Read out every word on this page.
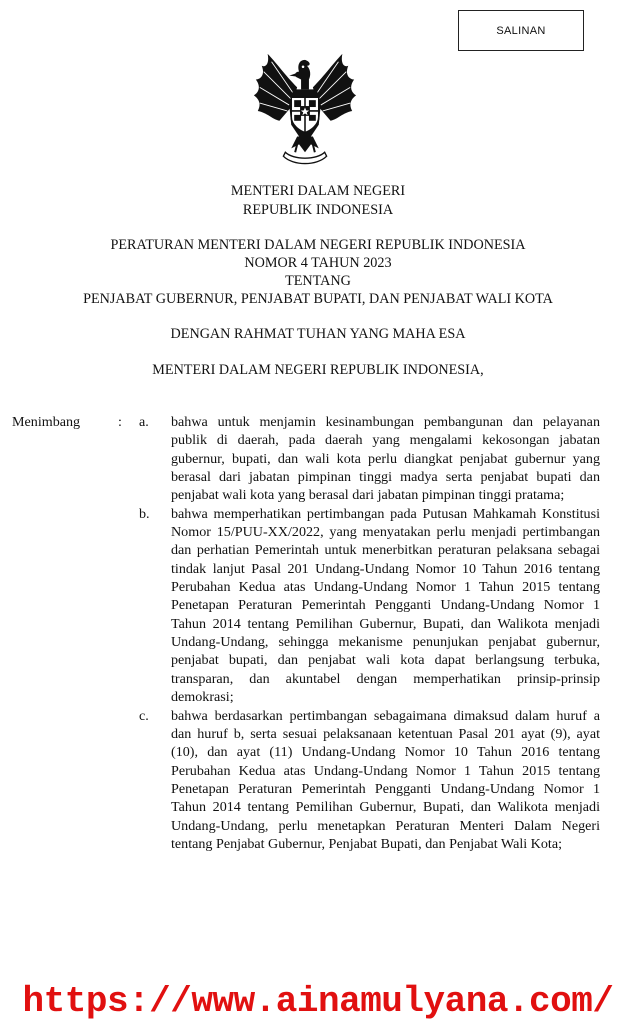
SALINAN
MENTERI DALAM NEGERI
REPUBLIK INDONESIA
PERATURAN MENTERI DALAM NEGERI REPUBLIK INDONESIA
NOMOR 4 TAHUN 2023
TENTANG
PENJABAT GUBERNUR, PENJABAT BUPATI, DAN PENJABAT WALI KOTA
DENGAN RAHMAT TUHAN YANG MAHA ESA
MENTERI DALAM NEGERI REPUBLIK INDONESIA,
Menimbang	: a. bahwa untuk menjamin kesinambungan pembangunan dan pelayanan publik di daerah, pada daerah yang mengalami kekosongan jabatan gubernur, bupati, dan wali kota perlu diangkat penjabat gubernur yang berasal dari jabatan pimpinan tinggi madya serta penjabat bupati dan penjabat wali kota yang berasal dari jabatan pimpinan tinggi pratama;
b. bahwa memperhatikan pertimbangan pada Putusan Mahkamah Konstitusi Nomor 15/PUU-XX/2022, yang menyatakan perlu menjadi pertimbangan dan perhatian Pemerintah untuk menerbitkan peraturan pelaksana sebagai tindak lanjut Pasal 201 Undang-Undang Nomor 10 Tahun 2016 tentang Perubahan Kedua atas Undang-Undang Nomor 1 Tahun 2015 tentang Penetapan Peraturan Pemerintah Pengganti Undang-Undang Nomor 1 Tahun 2014 tentang Pemilihan Gubernur, Bupati, dan Walikota menjadi Undang-Undang, sehingga mekanisme penunjukan penjabat gubernur, penjabat bupati, dan penjabat wali kota dapat berlangsung terbuka, transparan, dan akuntabel dengan memperhatikan prinsip-prinsip demokrasi;
c. bahwa berdasarkan pertimbangan sebagaimana dimaksud dalam huruf a dan huruf b, serta sesuai pelaksanaan ketentuan Pasal 201 ayat (9), ayat (10), dan ayat (11) Undang-Undang Nomor 10 Tahun 2016 tentang Perubahan Kedua atas Undang-Undang Nomor 1 Tahun 2015 tentang Penetapan Peraturan Pemerintah Pengganti Undang-Undang Nomor 1 Tahun 2014 tentang Pemilihan Gubernur, Bupati, dan Walikota menjadi Undang-Undang, perlu menetapkan Peraturan Menteri Dalam Negeri tentang Penjabat Gubernur, Penjabat Bupati, dan Penjabat Wali Kota;
https://www.ainamulyana.com/
